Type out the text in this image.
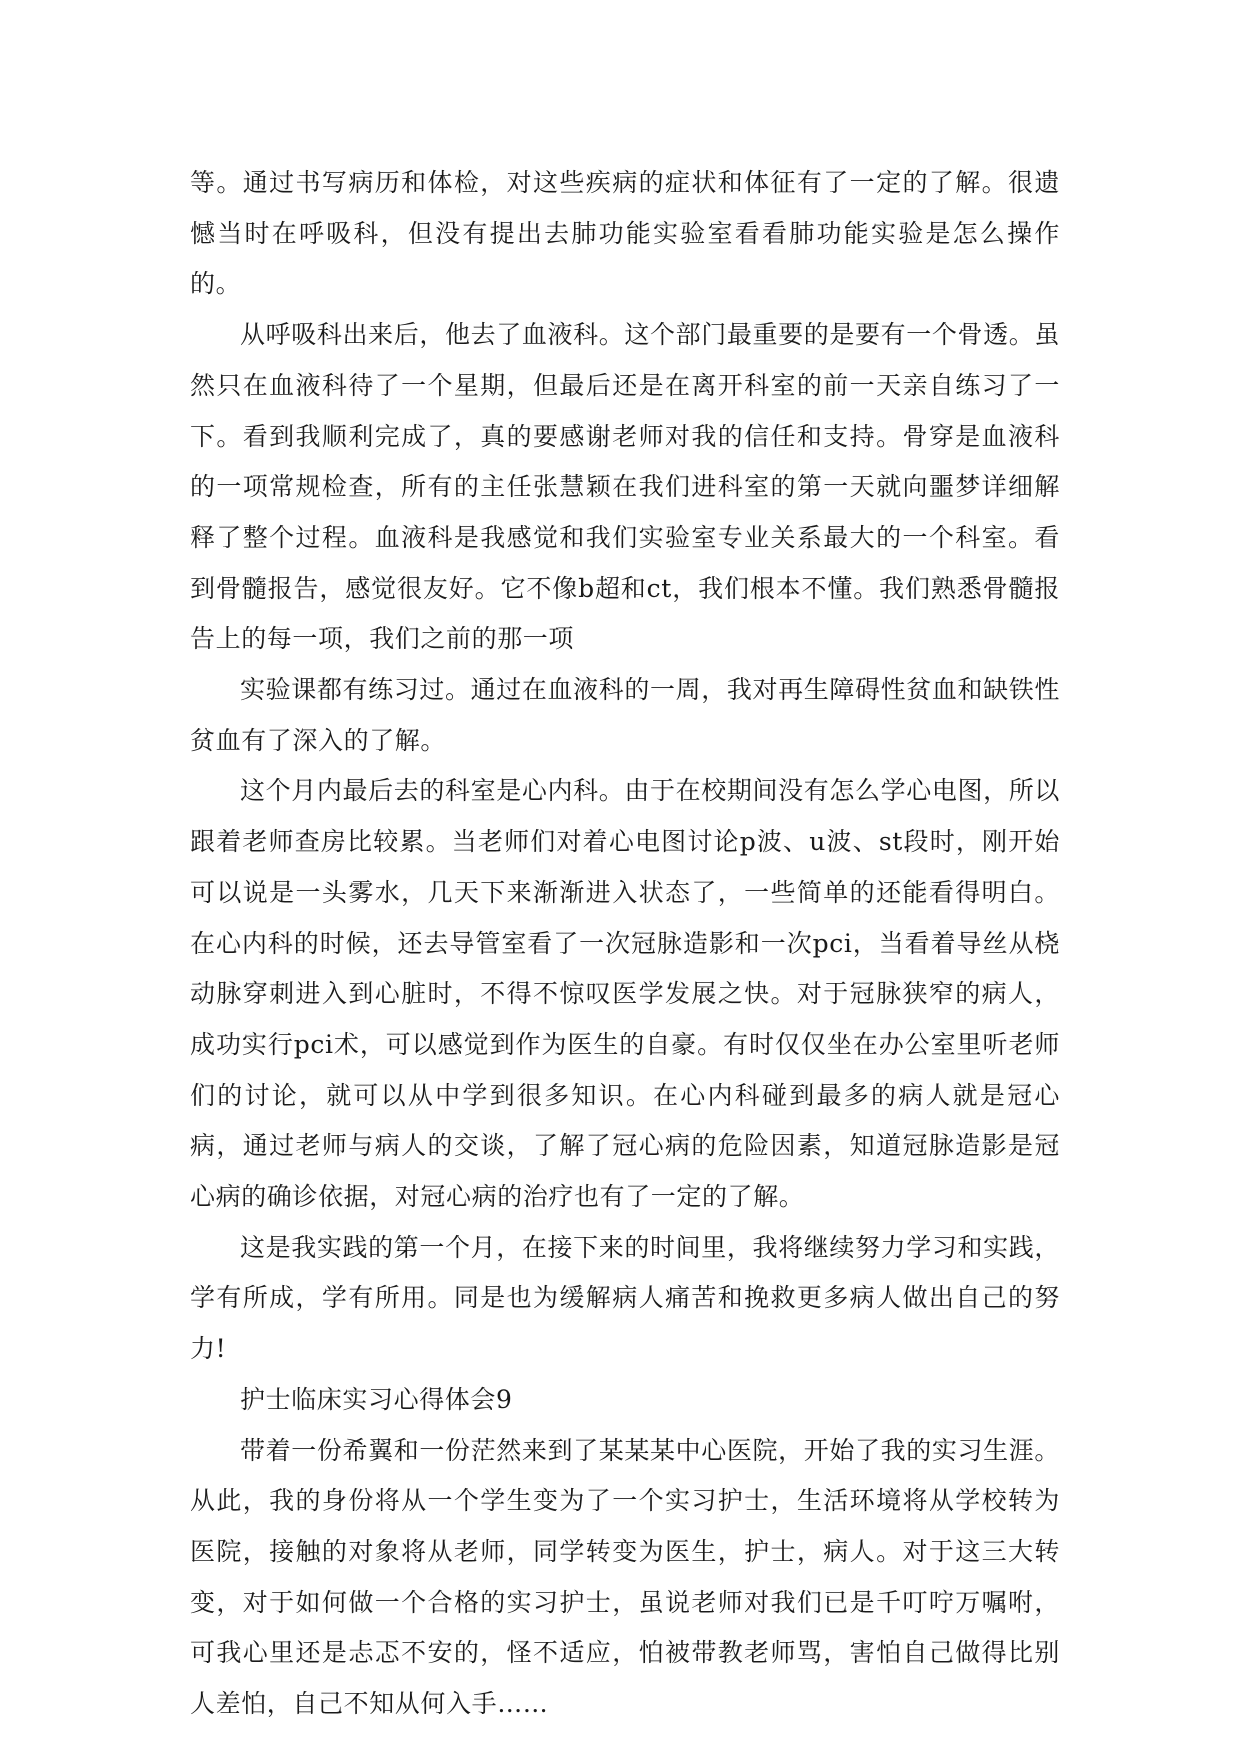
等。通过书写病历和体检，对这些疾病的症状和体征有了一定的了解。很遗憾当时在呼吸科，但没有提出去肺功能实验室看看肺功能实验是怎么操作的。

从呼吸科出来后，他去了血液科。这个部门最重要的是要有一个骨透。虽然只在血液科待了一个星期，但最后还是在离开科室的前一天亲自练习了一下。看到我顺利完成了，真的要感谢老师对我的信任和支持。骨穿是血液科的一项常规检查，所有的主任张慧颖在我们进科室的第一天就向噩梦详细解释了整个过程。血液科是我感觉和我们实验室专业关系最大的一个科室。看到骨髓报告，感觉很友好。它不像b超和ct，我们根本不懂。我们熟悉骨髓报告上的每一项，我们之前的那一项

实验课都有练习过。通过在血液科的一周，我对再生障碍性贫血和缺铁性贫血有了深入的了解。

这个月内最后去的科室是心内科。由于在校期间没有怎么学心电图，所以跟着老师查房比较累。当老师们对着心电图讨论p波、u波、st段时，刚开始可以说是一头雾水，几天下来渐渐进入状态了，一些简单的还能看得明白。在心内科的时候，还去导管室看了一次冠脉造影和一次pci，当看着导丝从桡动脉穿刺进入到心脏时，不得不惊叹医学发展之快。对于冠脉狭窄的病人，成功实行pci术，可以感觉到作为医生的自豪。有时仅仅坐在办公室里听老师们的讨论，就可以从中学到很多知识。在心内科碰到最多的病人就是冠心病，通过老师与病人的交谈，了解了冠心病的危险因素，知道冠脉造影是冠心病的确诊依据，对冠心病的治疗也有了一定的了解。

这是我实践的第一个月，在接下来的时间里，我将继续努力学习和实践，学有所成，学有所用。同是也为缓解病人痛苦和挽救更多病人做出自己的努力!

护士临床实习心得体会9

带着一份希翼和一份茫然来到了某某某中心医院，开始了我的实习生涯。从此，我的身份将从一个学生变为了一个实习护士，生活环境将从学校转为医院，接触的对象将从老师，同学转变为医生，护士，病人。对于这三大转变，对于如何做一个合格的实习护士，虽说老师对我们已是千叮咛万嘱咐，可我心里还是忐忑不安的，怪不适应，怕被带教老师骂，害怕自己做得比别人差怕，自己不知从何入手……
